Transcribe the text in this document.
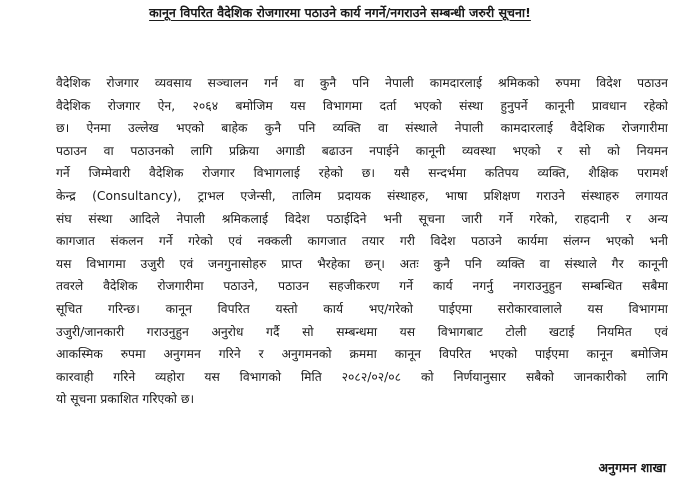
कानून विपरित वैदेशिक रोजगारमा पठाउने कार्य नगर्ने/नगराउने सम्बन्धी जरुरी सूचना!
वैदेशिक रोजगार व्यवसाय सञ्चालन गर्न वा कुनै पनि नेपाली कामदारलाई श्रमिकको रुपमा विदेश पठाउन
वैदेशिक रोजगार ऐन, २०६४ बमोजिम यस विभागमा दर्ता भएको संस्था हुनुपर्ने कानूनी प्रावधान रहेको
छ। ऐनमा उल्लेख भएको बाहेक कुनै पनि व्यक्ति वा संस्थाले नेपाली कामदारलाई वैदेशिक रोजगारीमा
पठाउन वा पठाउनको लागि प्रक्रिया अगाडी बढाउन नपाईने कानूनी व्यवस्था भएको र सो को नियमन
गर्ने जिम्मेवारी वैदेशिक रोजगार विभागलाई रहेको छ। यसै सन्दर्भमा कतिपय व्यक्ति, शैक्षिक परामर्श
केन्द्र (Consultancy), ट्राभल एजेन्सी, तालिम प्रदायक संस्थाहरु, भाषा प्रशिक्षण गराउने संस्थाहरु लगायत
संघ संस्था आदिले नेपाली श्रमिकलाई विदेश पठाईदिने भनी सूचना जारी गर्ने गरेको, राहदानी र अन्य
कागजात संकलन गर्ने गरेको एवं नक्कली कागजात तयार गरी विदेश पठाउने कार्यमा संलग्न भएको भनी
यस विभागमा उजुरी एवं जनगुनासोहरु प्राप्त भैरहेका छन्। अतः कुनै पनि व्यक्ति वा संस्थाले गैर कानूनी
तवरले वैदेशिक रोजगारीमा पठाउने, पठाउन सहजीकरण गर्ने कार्य नगर्नु नगराउनुहुन सम्बन्धित सबैमा
सूचित गरिन्छ। कानून विपरित यस्तो कार्य भए/गरेको पाईएमा सरोकारवालाले यस विभागमा
उजुरी/जानकारी गराउनुहुन अनुरोध गर्दै सो सम्बन्धमा यस विभागबाट टोली खटाई नियमित एवं
आकस्मिक रुपमा अनुगमन गरिने र अनुगमनको क्रममा कानून विपरित भएको पाईएमा कानून बमोजिम
कारवाही गरिने व्यहोरा यस विभागको मिति २०८२/०२/०८ को निर्णयानुसार सबैको जानकारीको लागि
यो सूचना प्रकाशित गरिएको छ।
अनुगमन शाखा
